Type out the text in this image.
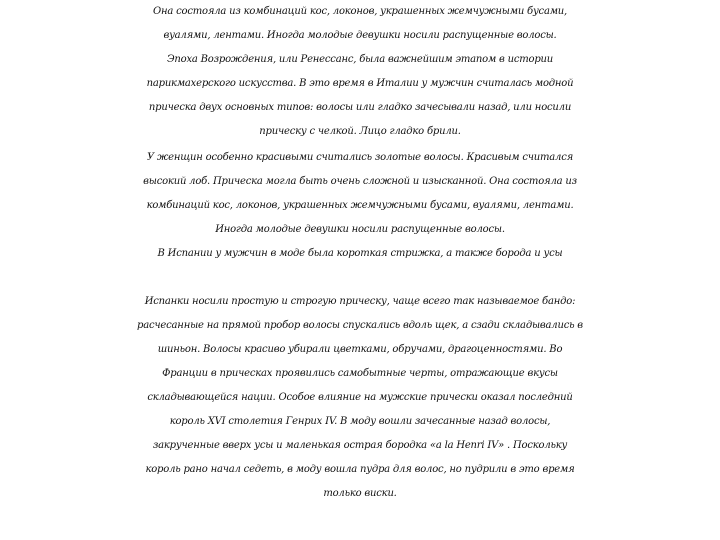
Она состояла из комбинаций кос, локонов, украшенных жемчужными бусами,
вуалями, лентами. Иногда молодые девушки носили распущенные волосы.
Эпоха Возрождения, или Ренессанс, была важнейшим этапом в истории
парикмахерского искусства. В это время в Италии у мужчин считалась модной
прическа двух основных типов: волосы или гладко зачесывали назад, или носили
прическу с челкой. Лицо гладко брили.
У женщин особенно красивыми считались золотые волосы. Красивым считался
высокий лоб. Прическа могла быть очень сложной и изысканной. Она состояла из
комбинаций кос, локонов, украшенных жемчужными бусами, вуалями, лентами.
Иногда молодые девушки носили распущенные волосы.
В Испании у мужчин в моде была короткая стрижка, а также борода и усы
Испанки носили простую и строгую прическу, чаще всего так называемое бандо:
расчесанные на прямой пробор волосы спускались вдоль щек, а сзади складывались в
шиньон. Волосы красиво убирали цветками, обручами, драгоценностями. Во
Франции в прическах проявились самобытные черты, отражающие вкусы
складывающейся нации. Особое влияние на мужские прически оказал последний
король XVI столетия Генрих IV. В моду вошли зачесанные назад волосы,
закрученные вверх усы и маленькая острая бородка «a la Henri IV» . Поскольку
король рано начал седеть, в моду вошла пудра для волос, но пудрили в это время
только виски.
